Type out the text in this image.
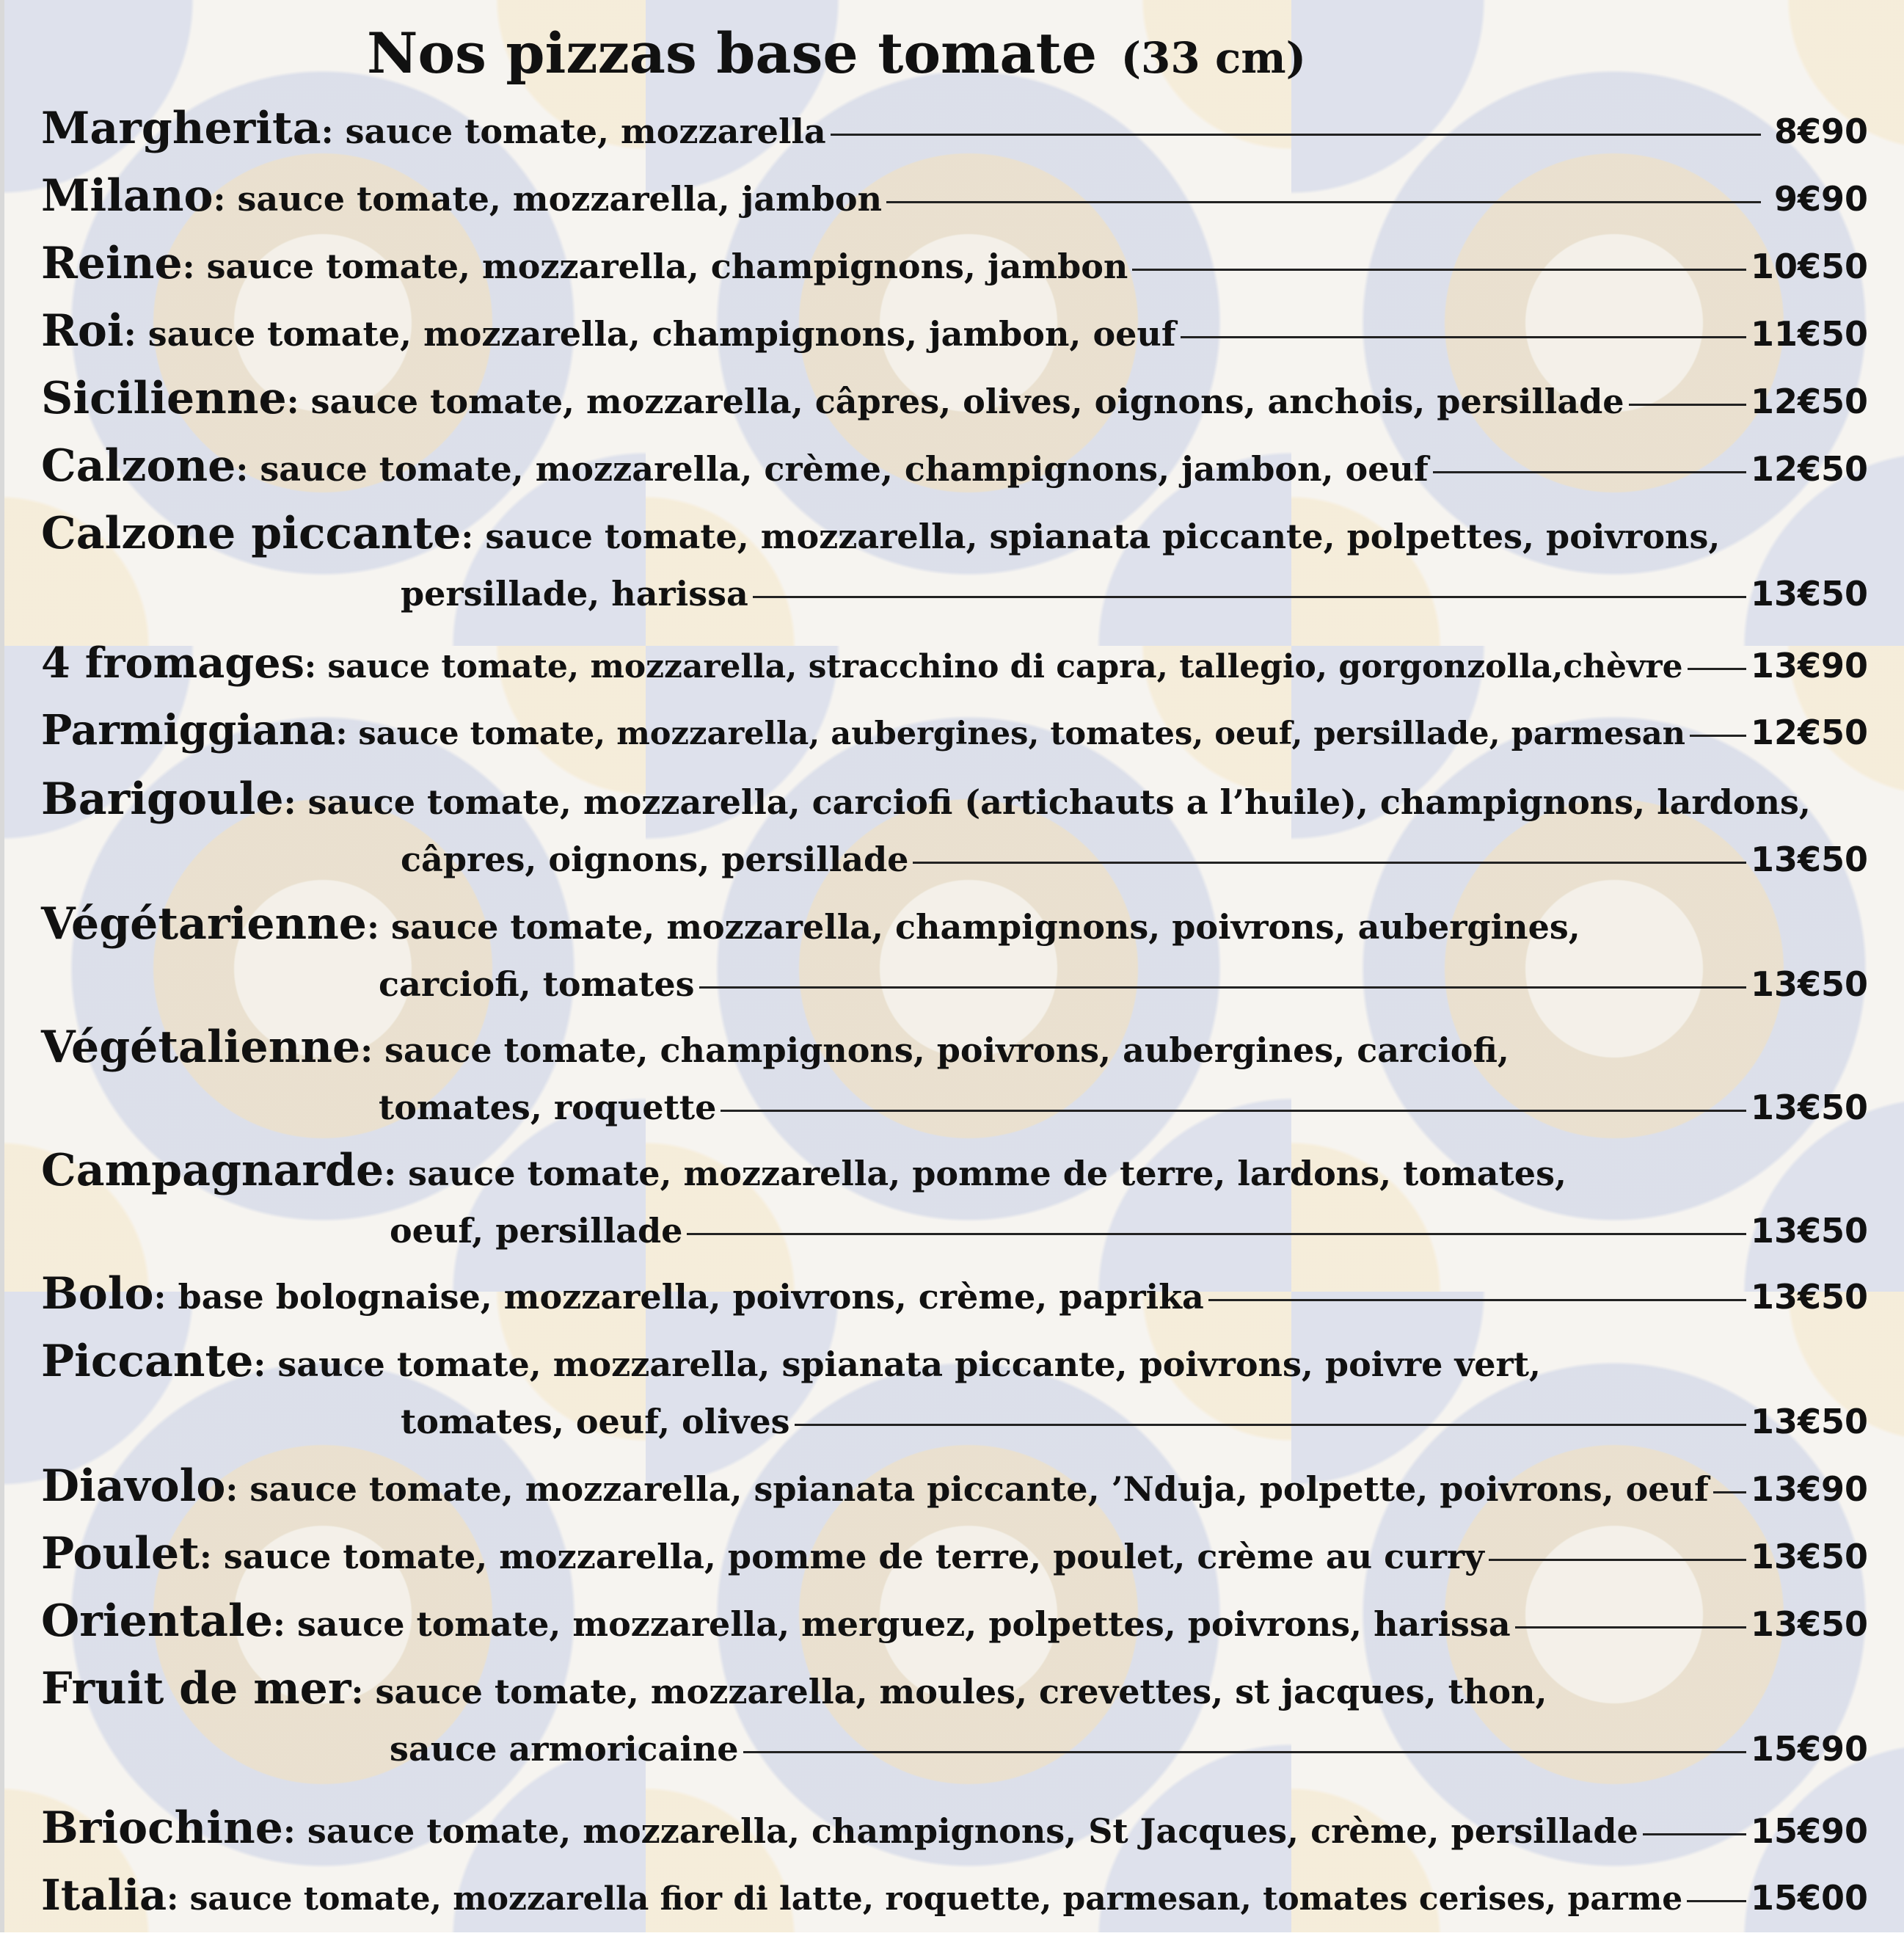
Nos pizzas base tomate (33 cm)
Margherita : sauce tomate, mozzarella	8€90
Milano : sauce tomate, mozzarella, jambon	9€90
Reine : sauce tomate, mozzarella, champignons, jambon	10€50
Roi : sauce tomate, mozzarella, champignons, jambon, oeuf	11€50
Sicilienne : sauce tomate, mozzarella, câpres, olives, oignons, anchois, persillade	12€50
Calzone : sauce tomate, mozzarella, crème, champignons, jambon, oeuf	12€50
Calzone piccante : sauce tomate, mozzarella, spianata piccante, polpettes, poivrons,
persillade, harissa	13€50
4 fromages : sauce tomate, mozzarella, stracchino di capra, tallegio, gorgonzolla,chèvre 13€90
Parmiggiana : sauce tomate, mozzarella, aubergines, tomates, oeuf, persillade, parmesan 12€50
Barigoule : sauce tomate, mozzarella, carciofi (artichauts a l’huile), champignons, lardons,
câpres, oignons, persillade	13€50
Végétarienne : sauce tomate, mozzarella, champignons, poivrons, aubergines,
carciofi, tomates	13€50
Végétalienne : sauce tomate, champignons, poivrons, aubergines, carciofi,
tomates, roquette	13€50
Campagnarde : sauce tomate, mozzarella, pomme de terre, lardons, tomates,
oeuf, persillade	13€50
Bolo : base bolognaise, mozzarella, poivrons, crème, paprika	13€50
Piccante : sauce tomate, mozzarella, spianata piccante, poivrons, poivre vert,
tomates, oeuf, olives	13€50
Diavolo : sauce tomate, mozzarella, spianata piccante, ’Nduja, polpette, poivrons, oeuf 13€90
Poulet : sauce tomate, mozzarella, pomme de terre, poulet, crème au curry	13€50
Orientale : sauce tomate, mozzarella, merguez, polpettes, poivrons, harissa	13€50
Fruit de mer : sauce tomate, mozzarella, moules, crevettes, st jacques, thon,
sauce armoricaine	15€90
Briochine : sauce tomate, mozzarella, champignons, St Jacques, crème, persillade	15€90
Italia : sauce tomate, mozzarella fior di latte, roquette, parmesan, tomates cerises, parme 15€00
